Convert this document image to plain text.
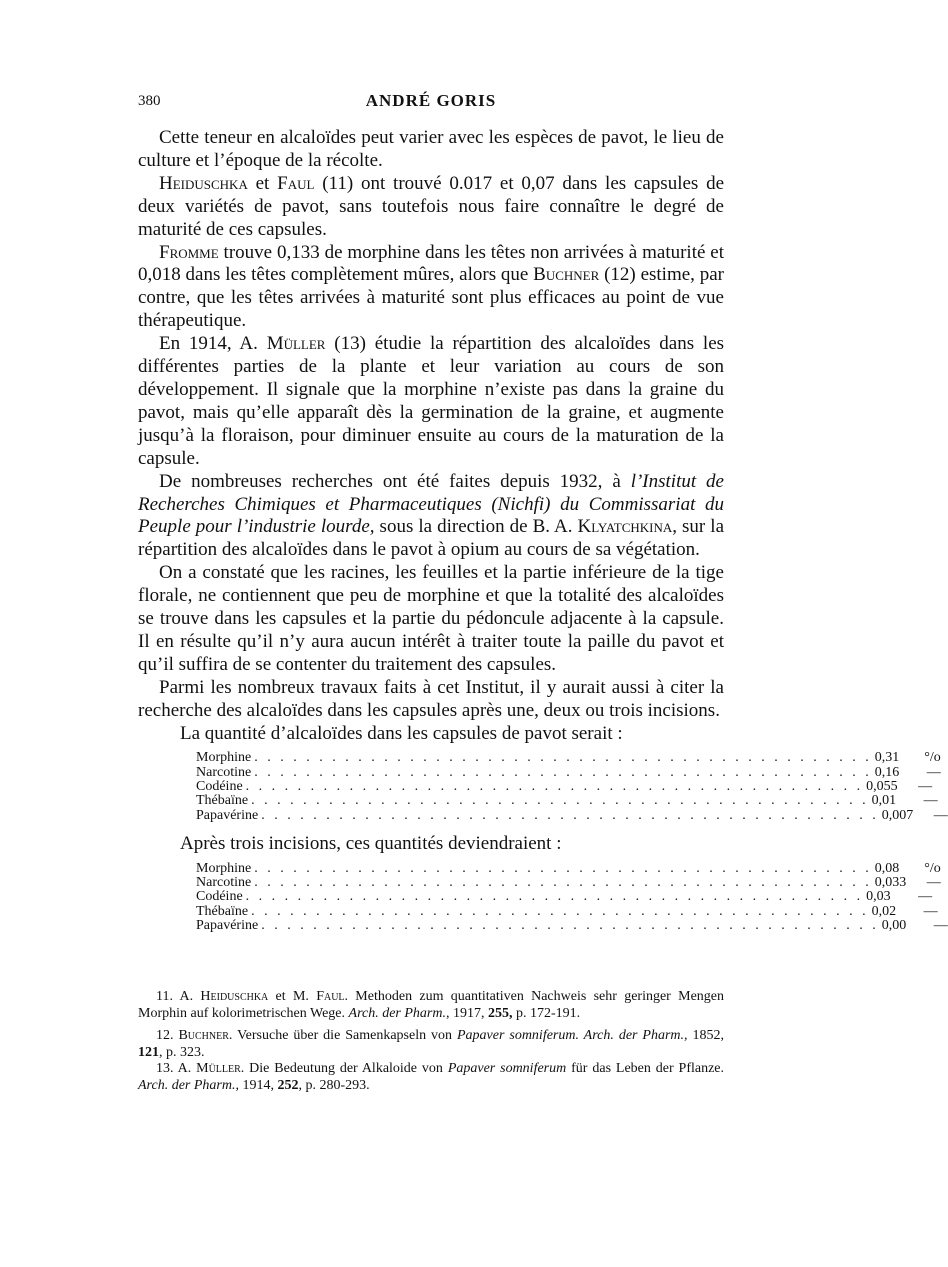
380	ANDRÉ GORIS

Cette teneur en alcaloïdes peut varier avec les espèces de pavot, le lieu de culture et l’époque de la récolte.

Heiduschka et Faul (11) ont trouvé 0.017 et 0,07 dans les capsules de deux variétés de pavot, sans toutefois nous faire connaître le degré de maturité de ces capsules.

Fromme trouve 0,133 de morphine dans les têtes non arrivées à maturité et 0,018 dans les têtes complètement mûres, alors que Buchner (12) estime, par contre, que les têtes arrivées à maturité sont plus efficaces au point de vue thérapeutique.

En 1914, A. Müller (13) étudie la répartition des alcaloïdes dans les différentes parties de la plante et leur variation au cours de son développement. Il signale que la morphine n’existe pas dans la graine du pavot, mais qu’elle apparaît dès la germination de la graine, et augmente jusqu’à la floraison, pour diminuer ensuite au cours de la maturation de la capsule.

De nombreuses recherches ont été faites depuis 1932, à l’Institut de Recherches Chimiques et Pharmaceutiques (Nichfi) du Commissariat du Peuple pour l’industrie lourde, sous la direction de B. A. Klyatchkina, sur la répartition des alcaloïdes dans le pavot à opium au cours de sa végétation.

On a constaté que les racines, les feuilles et la partie inférieure de la tige florale, ne contiennent que peu de morphine et que la totalité des alcaloïdes se trouve dans les capsules et la partie du pédoncule adjacente à la capsule. Il en résulte qu’il n’y aura aucun intérêt à traiter toute la paille du pavot et qu’il suffira de se contenter du traitement des capsules.

Parmi les nombreux travaux faits à cet Institut, il y aurait aussi à citer la recherche des alcaloïdes dans les capsules après une, deux ou trois incisions.

La quantité d’alcaloïdes dans les capsules de pavot serait :

Morphine . . . . . . . . . . . . . . . . . . . . . . . . . . . . . . . . . . . . . . . . . . . . . . . . 0,31	°/o
Narcotine . . . . . . . . . . . . . . . . . . . . . . . . . . . . . . . . . . . . . . . . . . . . . . . . 0,16	—
Codéine . . . . . . . . . . . . . . . . . . . . . . . . . . . . . . . . . . . . . . . . . . . . . . . . 0,055	—
Thébaïne . . . . . . . . . . . . . . . . . . . . . . . . . . . . . . . . . . . . . . . . . . . . . . . . 0,01	—
Papavérine . . . . . . . . . . . . . . . . . . . . . . . . . . . . . . . . . . . . . . . . . . . . . . . . 0,007	—

Après trois incisions, ces quantités deviendraient :

Morphine . . . . . . . . . . . . . . . . . . . . . . . . . . . . . . . . . . . . . . . . . . . . . . . . 0,08	°/o
Narcotine . . . . . . . . . . . . . . . . . . . . . . . . . . . . . . . . . . . . . . . . . . . . . . . . 0,033	—
Codéine . . . . . . . . . . . . . . . . . . . . . . . . . . . . . . . . . . . . . . . . . . . . . . . . 0,03	—
Thébaïne . . . . . . . . . . . . . . . . . . . . . . . . . . . . . . . . . . . . . . . . . . . . . . . . 0,02	—
Papavérine . . . . . . . . . . . . . . . . . . . . . . . . . . . . . . . . . . . . . . . . . . . . . . . . 0,00	—

11. A. Heiduschka et M. Faul. Methoden zum quantitativen Nachweis sehr geringer Mengen Morphin auf kolorimetrischen Wege. Arch. der Pharm., 1917, 255, p. 172-191.

12. Buchner. Versuche über die Samenkapseln von Papaver somniferum. Arch. der Pharm., 1852, 121, p. 323.

13. A. Müller. Die Bedeutung der Alkaloide von Papaver somniferum für das Leben der Pflanze. Arch. der Pharm., 1914, 252, p. 280-293.
